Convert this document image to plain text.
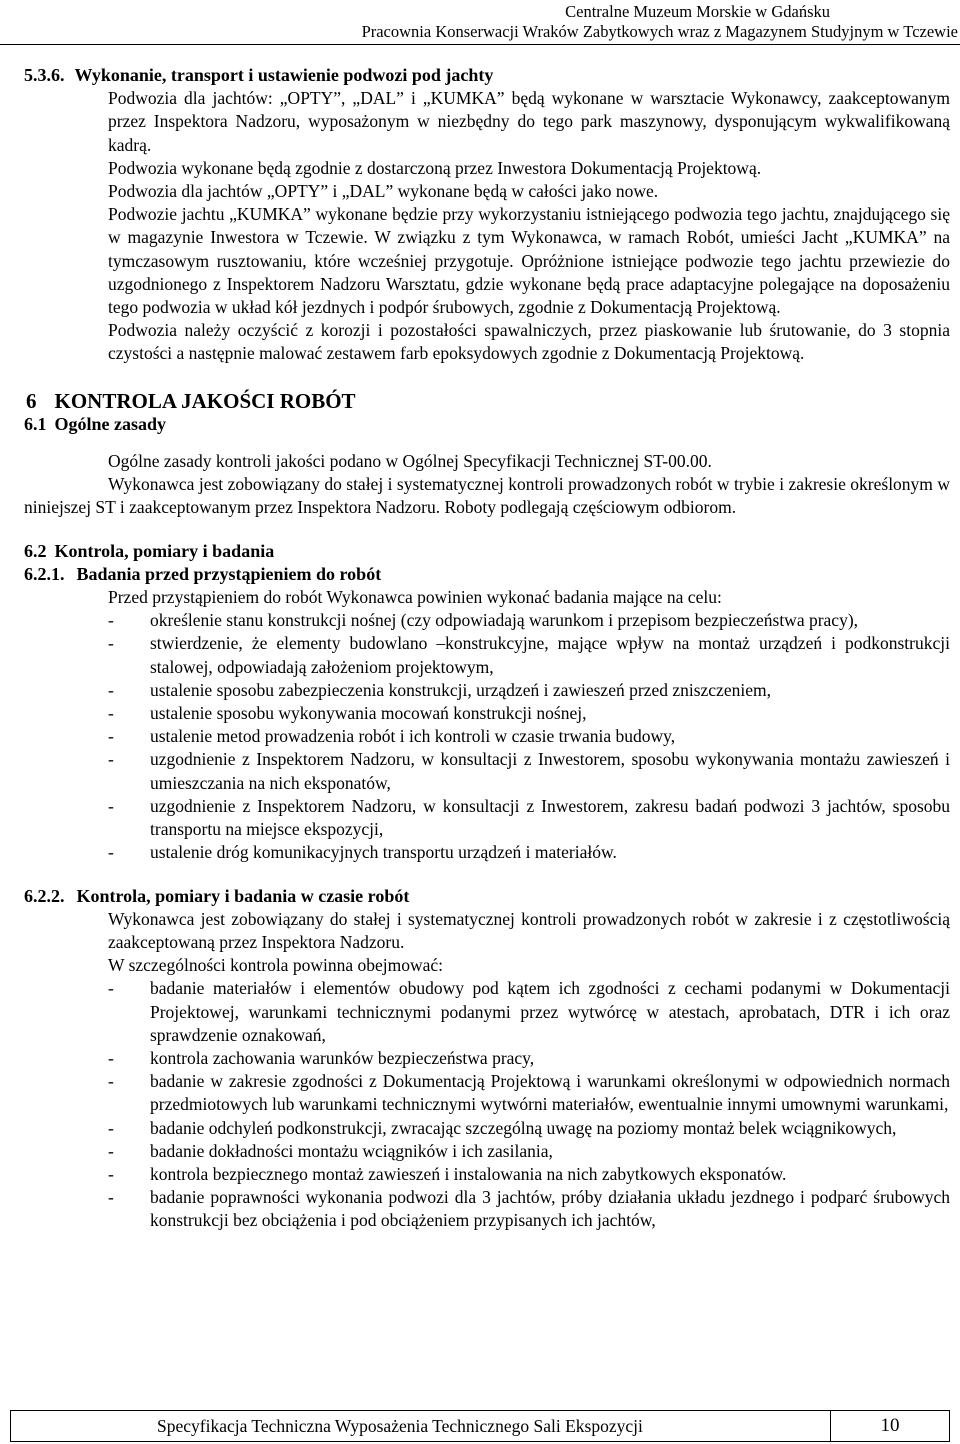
Centralne Muzeum Morskie w Gdańsku
Pracownia Konserwacji Wraków Zabytkowych wraz z Magazynem Studyjnym w Tczewie
5.3.6. Wykonanie, transport i ustawienie podwozi pod jachty

Podwozia dla jachtów: „OPTY”, „DAL” i „KUMKA” będą wykonane w warsztacie Wykonawcy, zaakceptowanym przez Inspektora Nadzoru, wyposażonym w niezbędny do tego park maszynowy, dysponującym wykwalifikowaną kadrą.

Podwozia wykonane będą zgodnie z dostarczoną przez Inwestora Dokumentacją Projektową.

Podwozia dla jachtów „OPTY” i „DAL” wykonane będą w całości jako nowe.

Podwozie jachtu „KUMKA” wykonane będzie przy wykorzystaniu istniejącego podwozia tego jachtu, znajdującego się w magazynie Inwestora w Tczewie. W związku z tym Wykonawca, w ramach Robót, umieści Jacht „KUMKA” na tymczasowym rusztowaniu, które wcześniej przygotuje. Opróżnione istniejące podwozie tego jachtu przewiezie do uzgodnionego z Inspektorem Nadzoru Warsztatu, gdzie wykonane będą prace adaptacyjne polegające na doposażeniu tego podwozia w układ kół jezdnych i podpór śrubowych, zgodnie z Dokumentacją Projektową.

Podwozia należy oczyścić z korozji i pozostałości spawalniczych, przez piaskowanie lub śrutowanie, do 3 stopnia czystości a następnie malować zestawem farb epoksydowych zgodnie z Dokumentacją Projektową.

6 KONTROLA JAKOŚCI ROBÓT
6.1 Ogólne zasady

Ogólne zasady kontroli jakości podano w Ogólnej Specyfikacji Technicznej ST-00.00.

Wykonawca jest zobowiązany do stałej i systematycznej kontroli prowadzonych robót w trybie i zakresie określonym w niniejszej ST i zaakceptowanym przez Inspektora Nadzoru. Roboty podlegają częściowym odbiorom.

6.2 Kontrola, pomiary i badania
6.2.1. Badania przed przystąpieniem do robót

Przed przystąpieniem do robót Wykonawca powinien wykonać badania mające na celu:

- określenie stanu konstrukcji nośnej (czy odpowiadają warunkom i przepisom bezpieczeństwa pracy),
- stwierdzenie, że elementy budowlano –konstrukcyjne, mające wpływ na montaż urządzeń i podkonstrukcji stalowej, odpowiadają założeniom projektowym,
- ustalenie sposobu zabezpieczenia konstrukcji, urządzeń i zawieszeń przed zniszczeniem,
- ustalenie sposobu wykonywania mocowań konstrukcji nośnej,
- ustalenie metod prowadzenia robót i ich kontroli w czasie trwania budowy,
- uzgodnienie z Inspektorem Nadzoru, w konsultacji z Inwestorem, sposobu wykonywania montażu zawieszeń i umieszczania na nich eksponatów,
- uzgodnienie z Inspektorem Nadzoru, w konsultacji z Inwestorem, zakresu badań podwozi 3 jachtów, sposobu transportu na miejsce ekspozycji,
- ustalenie dróg komunikacyjnych transportu urządzeń i materiałów.
6.2.2. Kontrola, pomiary i badania w czasie robót

Wykonawca jest zobowiązany do stałej i systematycznej kontroli prowadzonych robót w zakresie i z częstotliwością zaakceptowaną przez Inspektora Nadzoru.

W szczególności kontrola powinna obejmować:

- badanie materiałów i elementów obudowy pod kątem ich zgodności z cechami podanymi w Dokumentacji Projektowej, warunkami technicznymi podanymi przez wytwórcę w atestach, aprobatach, DTR i ich oraz sprawdzenie oznakowań,
- kontrola zachowania warunków bezpieczeństwa pracy,
- badanie w zakresie zgodności z Dokumentacją Projektową i warunkami określonymi w odpowiednich normach przedmiotowych lub warunkami technicznymi wytwórni materiałów, ewentualnie innymi umownymi warunkami,
- badanie odchyleń podkonstrukcji, zwracając szczególną uwagę na poziomy montaż belek wciągnikowych,
- badanie dokładności montażu wciągników i ich zasilania,
- kontrola bezpiecznego montaż zawieszeń i instalowania na nich zabytkowych eksponatów.
- badanie poprawności wykonania podwozi dla 3 jachtów, próby działania układu jezdnego i podparć śrubowych konstrukcji bez obciążenia i pod obciążeniem przypisanych ich jachtów,
Specyfikacja Techniczna Wyposażenia Technicznego Sali Ekspozycji	10
